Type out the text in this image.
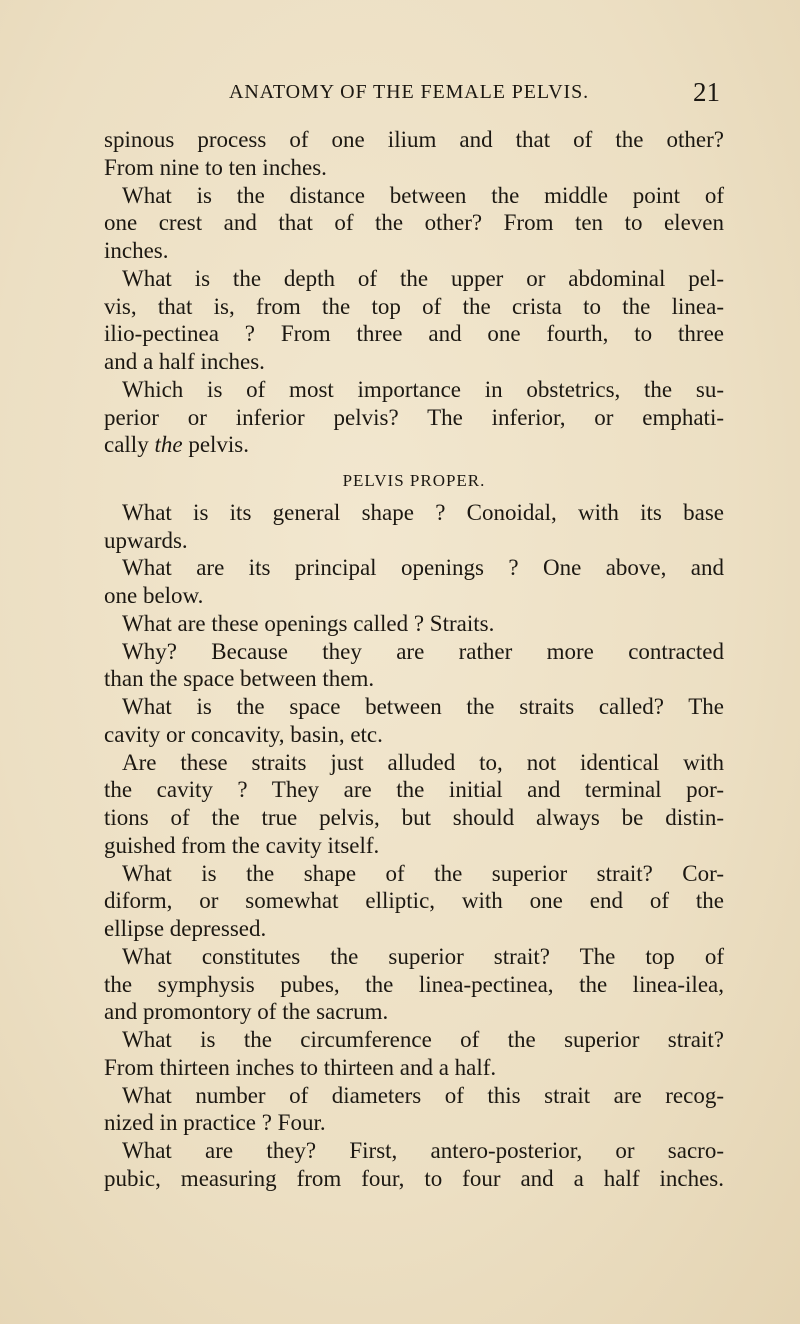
ANATOMY OF THE FEMALE PELVIS.	21
spinous process of one ilium and that of the other?
From nine to ten inches.
What is the distance between the middle point of
one crest and that of the other? From ten to eleven
inches.
What is the depth of the upper or abdominal pel-
vis, that is, from the top of the crista to the linea-
ilio-pectinea ? From three and one fourth, to three
and a half inches.
Which is of most importance in obstetrics, the su-
perior or inferior pelvis? The inferior, or emphati-
cally the pelvis.
PELVIS PROPER.
What is its general shape ? Conoidal, with its base
upwards.
What are its principal openings ? One above, and
one below.
What are these openings called ? Straits.
Why? Because they are rather more contracted
than the space between them.
What is the space between the straits called? The
cavity or concavity, basin, etc.
Are these straits just alluded to, not identical with
the cavity ? They are the initial and terminal por-
tions of the true pelvis, but should always be distin-
guished from the cavity itself.
What is the shape of the superior strait? Cor-
diform, or somewhat elliptic, with one end of the
ellipse depressed.
What constitutes the superior strait? The top of
the symphysis pubes, the linea-pectinea, the linea-ilea,
and promontory of the sacrum.
What is the circumference of the superior strait?
From thirteen inches to thirteen and a half.
What number of diameters of this strait are recog-
nized in practice ? Four.
What are they? First, antero-posterior, or sacro-
pubic, measuring from four, to four and a half inches.
